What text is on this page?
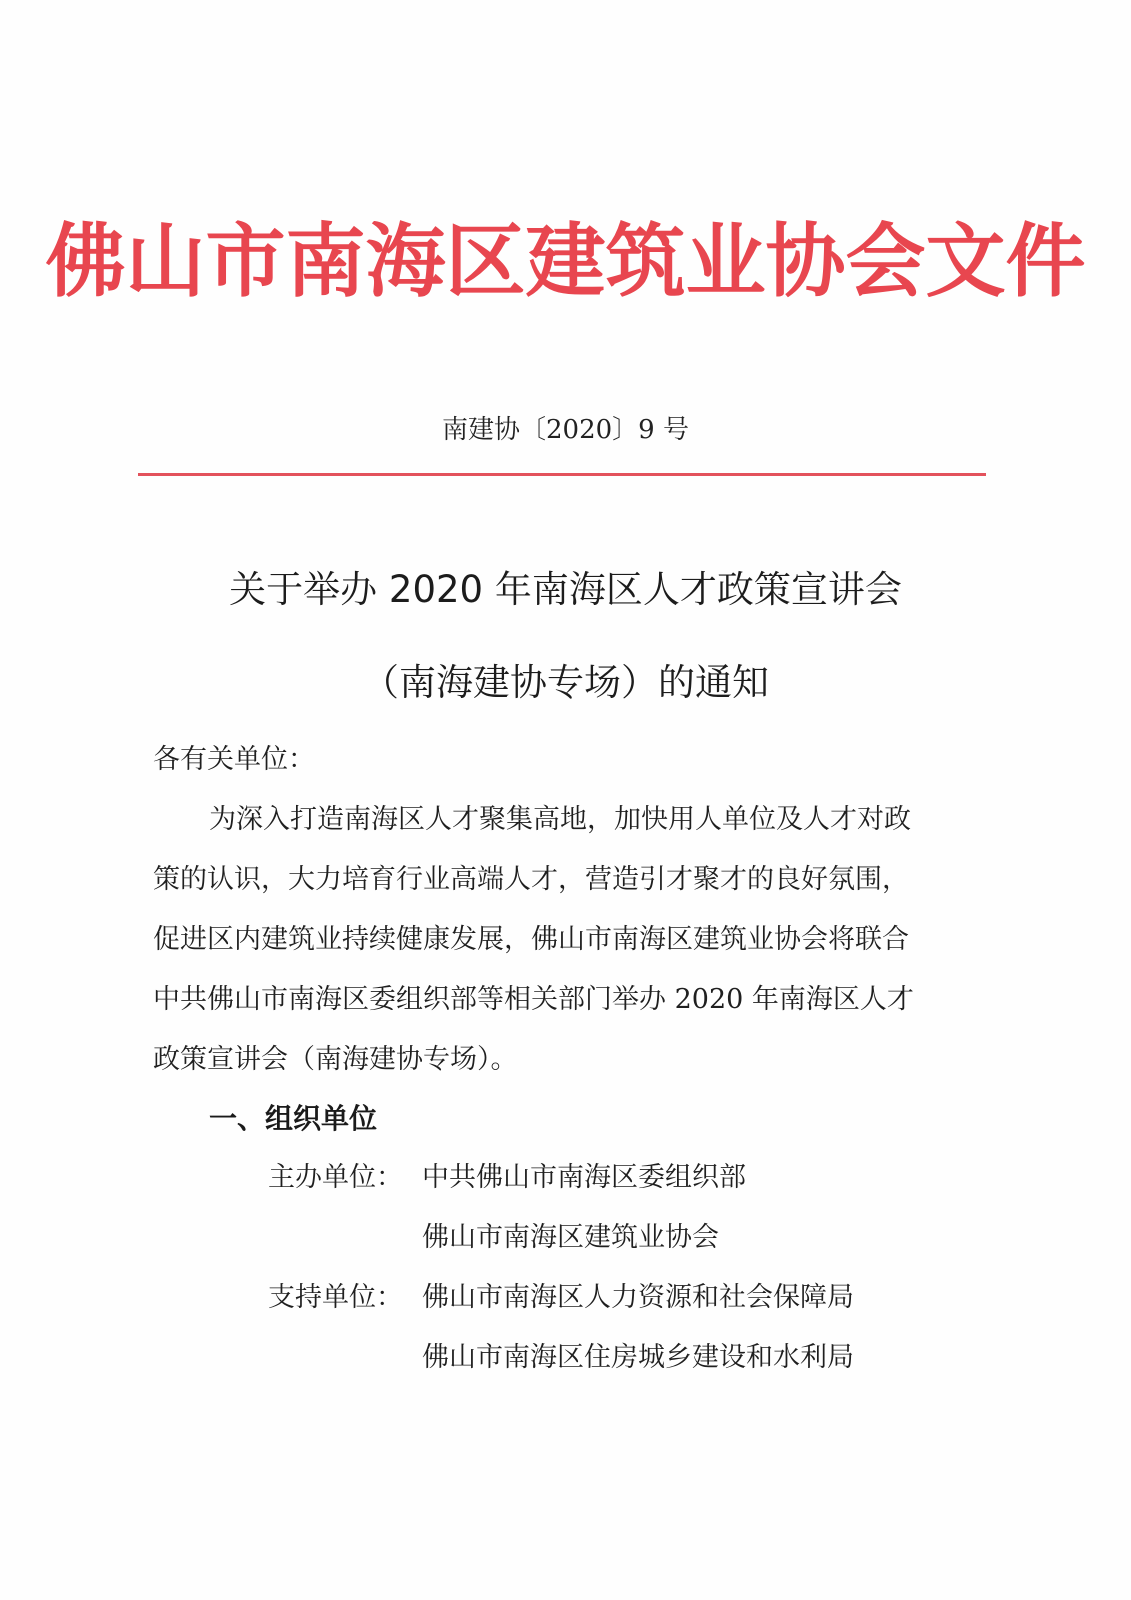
佛山市南海区建筑业协会文件
南建协〔2020〕9 号
关于举办 2020 年南海区人才政策宣讲会
（南海建协专场）的通知
各有关单位：
为深入打造南海区人才聚集高地，加快用人单位及人才对政
策的认识，大力培育行业高端人才，营造引才聚才的良好氛围，
促进区内建筑业持续健康发展，佛山市南海区建筑业协会将联合
中共佛山市南海区委组织部等相关部门举办 2020 年南海区人才
政策宣讲会（南海建协专场）。
一、组织单位
主办单位： 中共佛山市南海区委组织部
佛山市南海区建筑业协会
支持单位： 佛山市南海区人力资源和社会保障局
佛山市南海区住房城乡建设和水利局
